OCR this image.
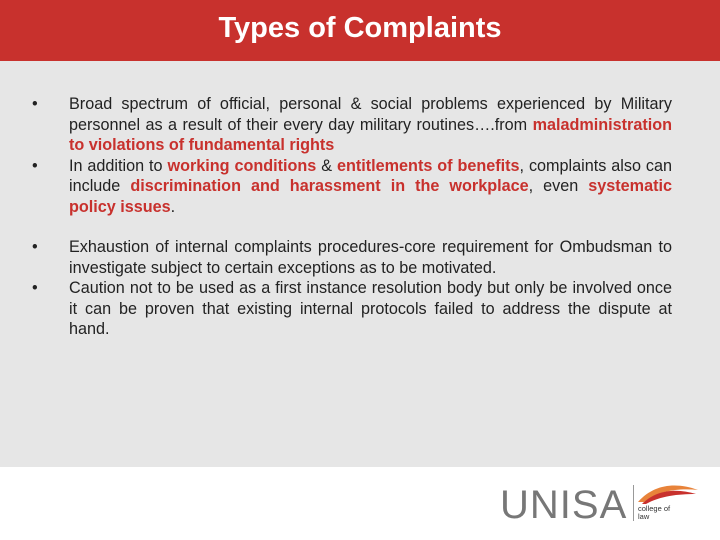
Types of Complaints
• Broad spectrum of official, personal & social problems experienced by Military personnel as a result of their every day military routines….from maladministration to violations of fundamental rights
• In addition to working conditions & entitlements of benefits, complaints also can include discrimination and harassment in the workplace, even systematic policy issues.
• Exhaustion of internal complaints procedures-core requirement for Ombudsman to investigate subject to certain exceptions as to be motivated.
• Caution not to be used as a first instance resolution body but only be involved once it can be proven that existing internal protocols failed to address the dispute at hand.
UNISA college of
law
